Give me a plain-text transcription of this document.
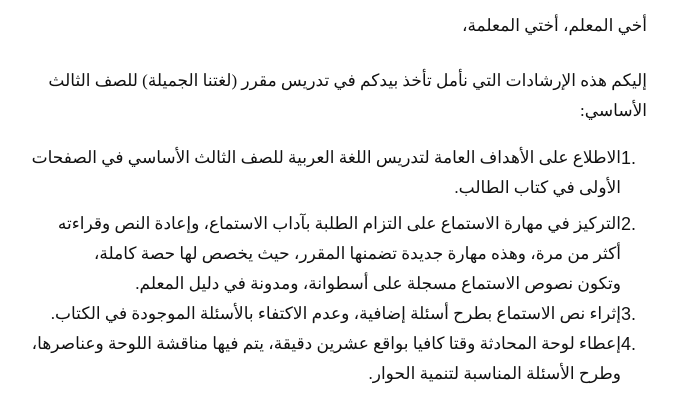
أخي المعلم، أختي المعلمة،
إليكم هذه الإرشادات التي نأمل تأخذ بيدكم في تدريس مقرر (لغتنا الجميلة) للصف الثالث الأساسي:
1.
الاطلاع على الأهداف العامة لتدريس اللغة العربية للصف الثالث الأساسي في الصفحات
الأولى في كتاب الطالب.
2.
التركيز في مهارة الاستماع على التزام الطلبة بآداب الاستماع، وإعادة النص وقراءته
أكثر من مرة، وهذه مهارة جديدة تضمنها المقرر، حيث يخصص لها حصة كاملة،
وتكون نصوص الاستماع مسجلة على أسطوانة، ومدونة في دليل المعلم.
3.
إثراء نص الاستماع بطرح أسئلة إضافية، وعدم الاكتفاء بالأسئلة الموجودة في الكتاب.
4.
إعطاء لوحة المحادثة وقتا كافيا بواقع عشرين دقيقة، يتم فيها مناقشة اللوحة وعناصرها،
وطرح الأسئلة المناسبة لتنمية الحوار.
